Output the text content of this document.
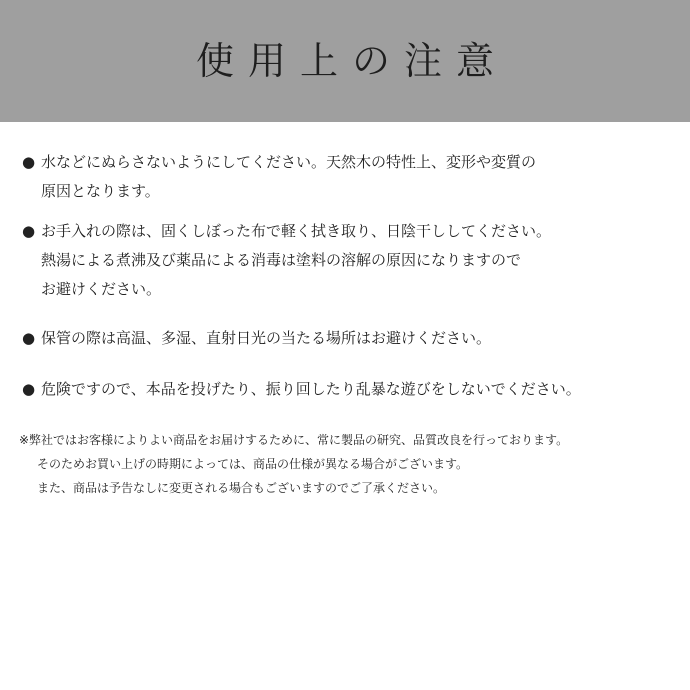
使用上の注意
● 水などにぬらさないようにしてください。天然木の特性上、変形や変質の
原因となります。
● お手入れの際は、固くしぼった布で軽く拭き取り、日陰干ししてください。
熱湯による煮沸及び薬品による消毒は塗料の溶解の原因になりますので
お避けください。
● 保管の際は高温、多湿、直射日光の当たる場所はお避けください。
● 危険ですので、本品を投げたり、振り回したり乱暴な遊びをしないでください。
※弊社ではお客様によりよい商品をお届けするために、常に製品の研究、品質改良を行っております。
そのためお買い上げの時期によっては、商品の仕様が異なる場合がございます。
また、商品は予告なしに変更される場合もございますのでご了承ください。
